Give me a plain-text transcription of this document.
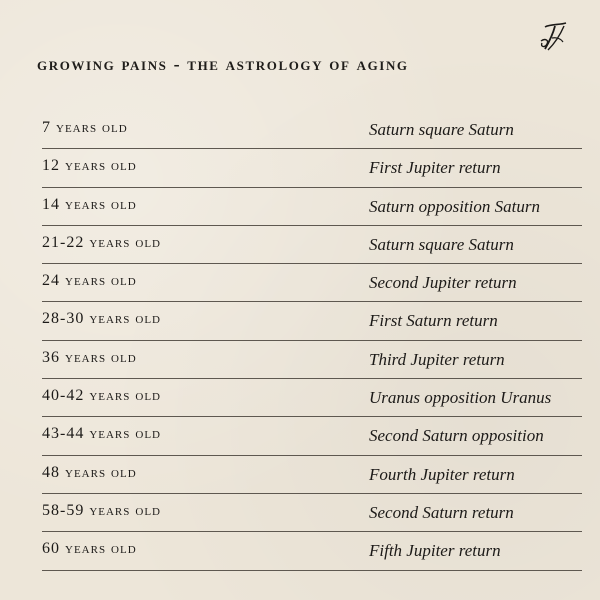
growing pains - the astrology of aging
7 years old	Saturn square Saturn
12 years old	First Jupiter return
14 years old	Saturn opposition Saturn
21-22 years old	Saturn square Saturn
24 years old	Second Jupiter return
28-30 years old	First Saturn return
36 years old	Third Jupiter return
40-42 years old	Uranus opposition Uranus
43-44 years old	Second Saturn opposition
48 years old	Fourth Jupiter return
58-59 years old	Second Saturn return
60 years old	Fifth Jupiter return
